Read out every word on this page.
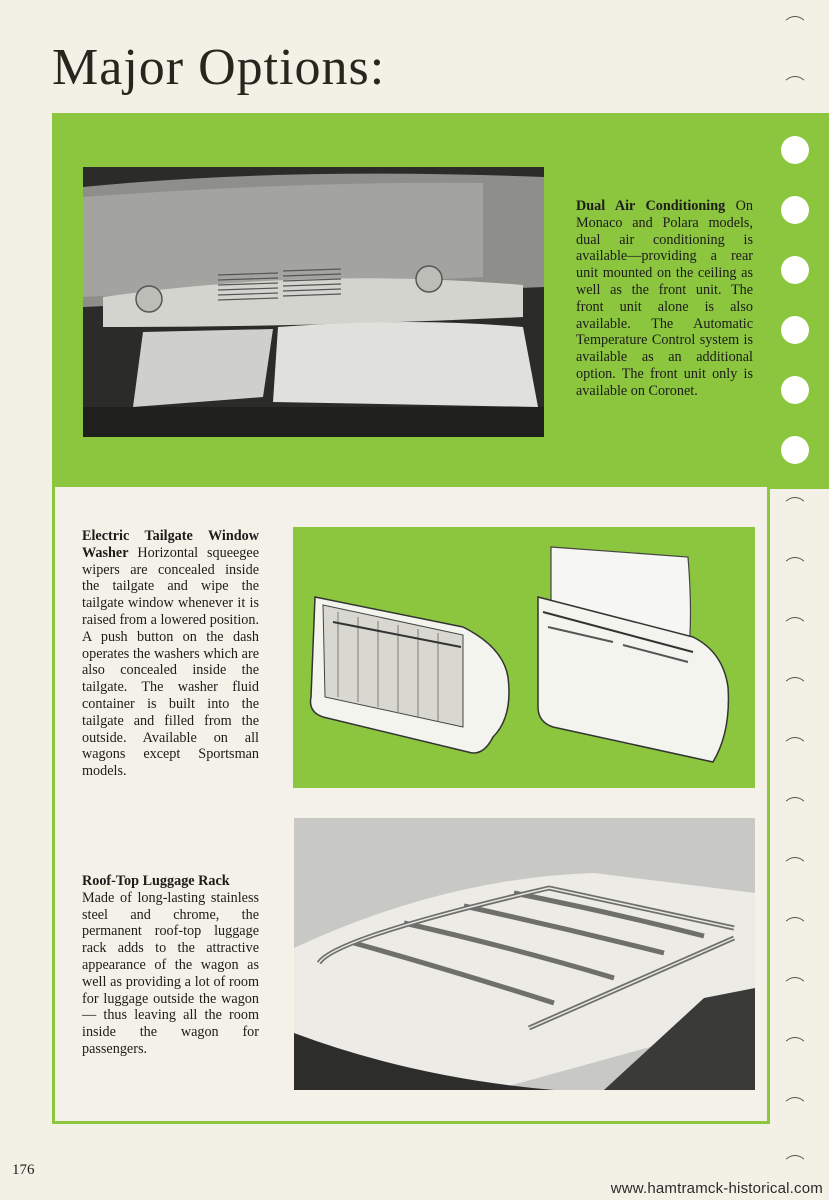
Major Options:
Dual Air Conditioning On Monaco and Polara models, dual air conditioning is available—providing a rear unit mounted on the ceiling as well as the front unit. The front unit alone is also available. The Automatic Temperature Control system is available as an additional option. The front unit only is available on Coronet.
Electric Tailgate Window Washer Horizontal squeegee wipers are concealed inside the tailgate and wipe the tailgate window whenever it is raised from a lowered position. A push button on the dash operates the washers which are also concealed inside the tailgate. The washer fluid container is built into the tailgate and filled from the outside. Available on all wagons except Sportsman models.
Roof-Top Luggage Rack
Made of long-lasting stainless steel and chrome, the permanent roof-top luggage rack adds to the attractive appearance of the wagon as well as providing a lot of room for luggage outside the wagon — thus leaving all the room inside the wagon for passengers.
176
www.hamtramck-historical.com
